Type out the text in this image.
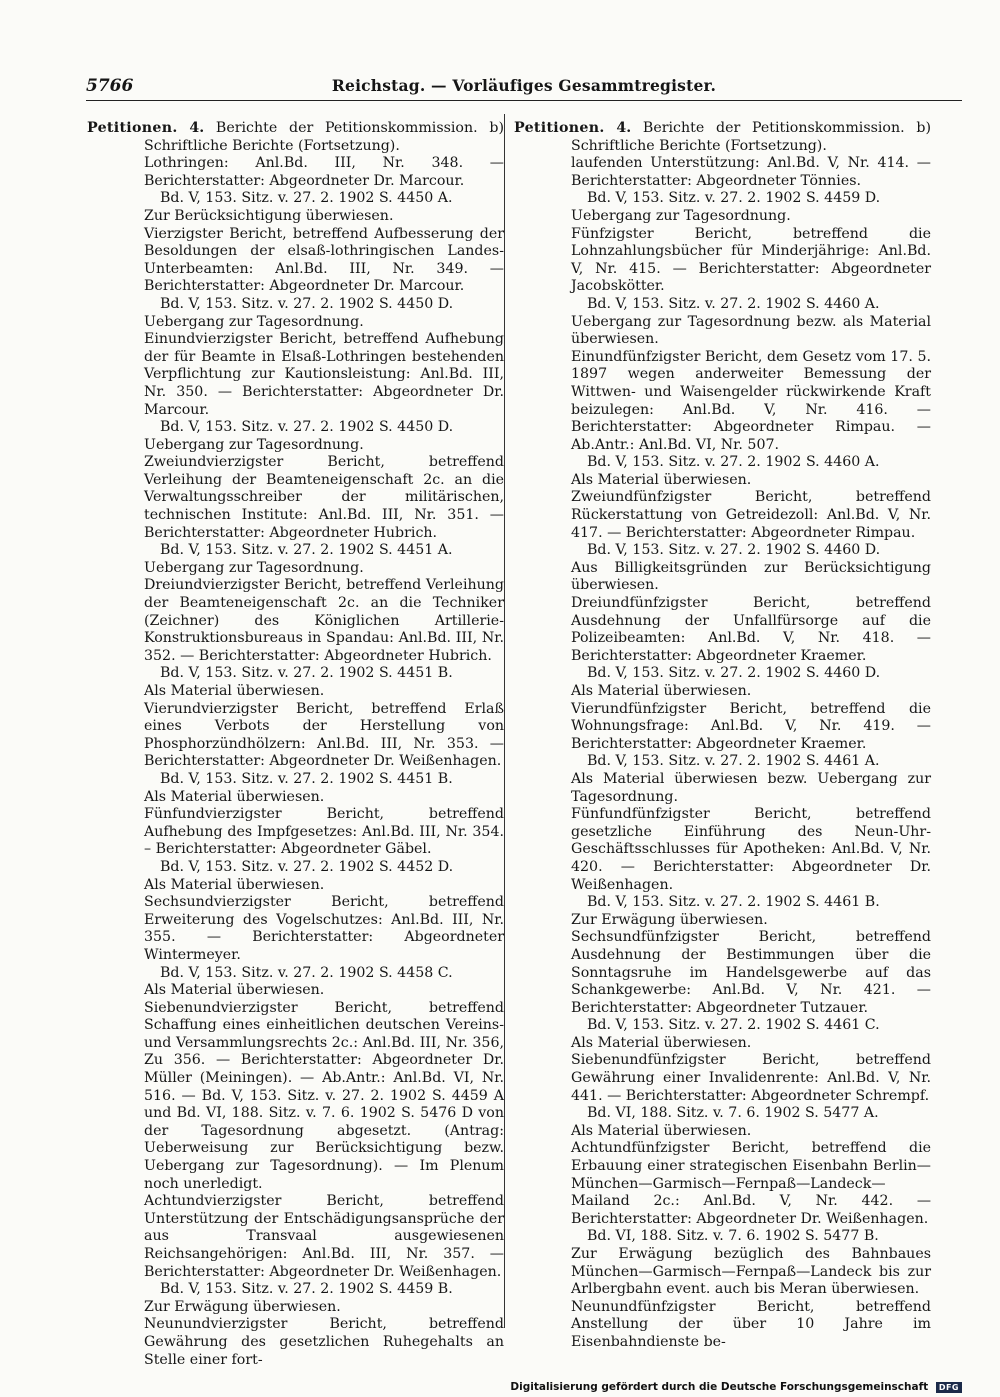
5766	Reichstag. — Vorläufiges Gesammtregister.
Petitionen. 4. Berichte der Petitionskommission. b) Schriftliche Berichte (Fortsetzung).
Lothringen: Anl.Bd. III, Nr. 348. — Berichterstatter: Abgeordneter Dr. Marcour.
Bd. V, 153. Sitz. v. 27. 2. 1902 S. 4450 A.
Zur Berücksichtigung überwiesen.
Vierzigster Bericht, betreffend Aufbesserung der Besoldungen der elsaß-lothringischen Landes-Unterbeamten: Anl.Bd. III, Nr. 349. — Berichterstatter: Abgeordneter Dr. Marcour.
Bd. V, 153. Sitz. v. 27. 2. 1902 S. 4450 D.
Uebergang zur Tagesordnung.
Einundvierzigster Bericht, betreffend Aufhebung der für Beamte in Elsaß-Lothringen bestehenden Verpflichtung zur Kautionsleistung: Anl.Bd. III, Nr. 350. — Berichterstatter: Abgeordneter Dr. Marcour.
Bd. V, 153. Sitz. v. 27. 2. 1902 S. 4450 D.
Uebergang zur Tagesordnung.
Zweiundvierzigster Bericht, betreffend Verleihung der Beamteneigenschaft 2c. an die Verwaltungsschreiber der militärischen, technischen Institute: Anl.Bd. III, Nr. 351. — Berichterstatter: Abgeordneter Hubrich.
Bd. V, 153. Sitz. v. 27. 2. 1902 S. 4451 A.
Uebergang zur Tagesordnung.
Dreiundvierzigster Bericht, betreffend Verleihung der Beamteneigenschaft 2c. an die Techniker (Zeichner) des Königlichen Artillerie-Konstruktionsbureaus in Spandau: Anl.Bd. III, Nr. 352. — Berichterstatter: Abgeordneter Hubrich.
Bd. V, 153. Sitz. v. 27. 2. 1902 S. 4451 B.
Als Material überwiesen.
Vierundvierzigster Bericht, betreffend Erlaß eines Verbots der Herstellung von Phosphorzündhölzern: Anl.Bd. III, Nr. 353. — Berichterstatter: Abgeordneter Dr. Weißenhagen.
Bd. V, 153. Sitz. v. 27. 2. 1902 S. 4451 B.
Als Material überwiesen.
Fünfundvierzigster Bericht, betreffend Aufhebung des Impfgesetzes: Anl.Bd. III, Nr. 354. – Berichterstatter: Abgeordneter Gäbel.
Bd. V, 153. Sitz. v. 27. 2. 1902 S. 4452 D.
Als Material überwiesen.
Sechsundvierzigster Bericht, betreffend Erweiterung des Vogelschutzes: Anl.Bd. III, Nr. 355. — Berichterstatter: Abgeordneter Wintermeyer.
Bd. V, 153. Sitz. v. 27. 2. 1902 S. 4458 C.
Als Material überwiesen.
Siebenundvierzigster Bericht, betreffend Schaffung eines einheitlichen deutschen Vereins- und Versammlungsrechts 2c.: Anl.Bd. III, Nr. 356, Zu 356. — Berichterstatter: Abgeordneter Dr. Müller (Meiningen). — Ab.Antr.: Anl.Bd. VI, Nr. 516. — Bd. V, 153. Sitz. v. 27. 2. 1902 S. 4459 A und Bd. VI, 188. Sitz. v. 7. 6. 1902 S. 5476 D von der Tagesordnung abgesetzt. (Antrag: Ueberweisung zur Berücksichtigung bezw. Uebergang zur Tagesordnung). — Im Plenum noch unerledigt.
Achtundvierzigster Bericht, betreffend Unterstützung der Entschädigungsansprüche der aus Transvaal ausgewiesenen Reichsangehörigen: Anl.Bd. III, Nr. 357. — Berichterstatter: Abgeordneter Dr. Weißenhagen.
Bd. V, 153. Sitz. v. 27. 2. 1902 S. 4459 B.
Zur Erwägung überwiesen.
Neunundvierzigster Bericht, betreffend Gewährung des gesetzlichen Ruhegehalts an Stelle einer fort-
Petitionen. 4. Berichte der Petitionskommission. b) Schriftliche Berichte (Fortsetzung).
laufenden Unterstützung: Anl.Bd. V, Nr. 414. — Berichterstatter: Abgeordneter Tönnies.
Bd. V, 153. Sitz. v. 27. 2. 1902 S. 4459 D.
Uebergang zur Tagesordnung.
Fünfzigster Bericht, betreffend die Lohnzahlungsbücher für Minderjährige: Anl.Bd. V, Nr. 415. — Berichterstatter: Abgeordneter Jacobskötter.
Bd. V, 153. Sitz. v. 27. 2. 1902 S. 4460 A.
Uebergang zur Tagesordnung bezw. als Material überwiesen.
Einundfünfzigster Bericht, dem Gesetz vom 17. 5. 1897 wegen anderweiter Bemessung der Wittwen- und Waisengelder rückwirkende Kraft beizulegen: Anl.Bd. V, Nr. 416. — Berichterstatter: Abgeordneter Rimpau. — Ab.Antr.: Anl.Bd. VI, Nr. 507.
Bd. V, 153. Sitz. v. 27. 2. 1902 S. 4460 A.
Als Material überwiesen.
Zweiundfünfzigster Bericht, betreffend Rückerstattung von Getreidezoll: Anl.Bd. V, Nr. 417. — Berichterstatter: Abgeordneter Rimpau.
Bd. V, 153. Sitz. v. 27. 2. 1902 S. 4460 D.
Aus Billigkeitsgründen zur Berücksichtigung überwiesen.
Dreiundfünfzigster Bericht, betreffend Ausdehnung der Unfallfürsorge auf die Polizeibeamten: Anl.Bd. V, Nr. 418. — Berichterstatter: Abgeordneter Kraemer.
Bd. V, 153. Sitz. v. 27. 2. 1902 S. 4460 D.
Als Material überwiesen.
Vierundfünfzigster Bericht, betreffend die Wohnungsfrage: Anl.Bd. V, Nr. 419. — Berichterstatter: Abgeordneter Kraemer.
Bd. V, 153. Sitz. v. 27. 2. 1902 S. 4461 A.
Als Material überwiesen bezw. Uebergang zur Tagesordnung.
Fünfundfünfzigster Bericht, betreffend gesetzliche Einführung des Neun-Uhr-Geschäftsschlusses für Apotheken: Anl.Bd. V, Nr. 420. — Berichterstatter: Abgeordneter Dr. Weißenhagen.
Bd. V, 153. Sitz. v. 27. 2. 1902 S. 4461 B.
Zur Erwägung überwiesen.
Sechsundfünfzigster Bericht, betreffend Ausdehnung der Bestimmungen über die Sonntagsruhe im Handelsgewerbe auf das Schankgewerbe: Anl.Bd. V, Nr. 421. — Berichterstatter: Abgeordneter Tutzauer.
Bd. V, 153. Sitz. v. 27. 2. 1902 S. 4461 C.
Als Material überwiesen.
Siebenundfünfzigster Bericht, betreffend Gewährung einer Invalidenrente: Anl.Bd. V, Nr. 441. — Berichterstatter: Abgeordneter Schrempf.
Bd. VI, 188. Sitz. v. 7. 6. 1902 S. 5477 A.
Als Material überwiesen.
Achtundfünfzigster Bericht, betreffend die Erbauung einer strategischen Eisenbahn Berlin—München—Garmisch—Fernpaß—Landeck—Mailand 2c.: Anl.Bd. V, Nr. 442. — Berichterstatter: Abgeordneter Dr. Weißenhagen.
Bd. VI, 188. Sitz. v. 7. 6. 1902 S. 5477 B.
Zur Erwägung bezüglich des Bahnbaues München—Garmisch—Fernpaß—Landeck bis zur Arlbergbahn event. auch bis Meran überwiesen.
Neunundfünfzigster Bericht, betreffend Anstellung der über 10 Jahre im Eisenbahndienste be-
Digitalisierung gefördert durch die Deutsche Forschungsgemeinschaft DFG
